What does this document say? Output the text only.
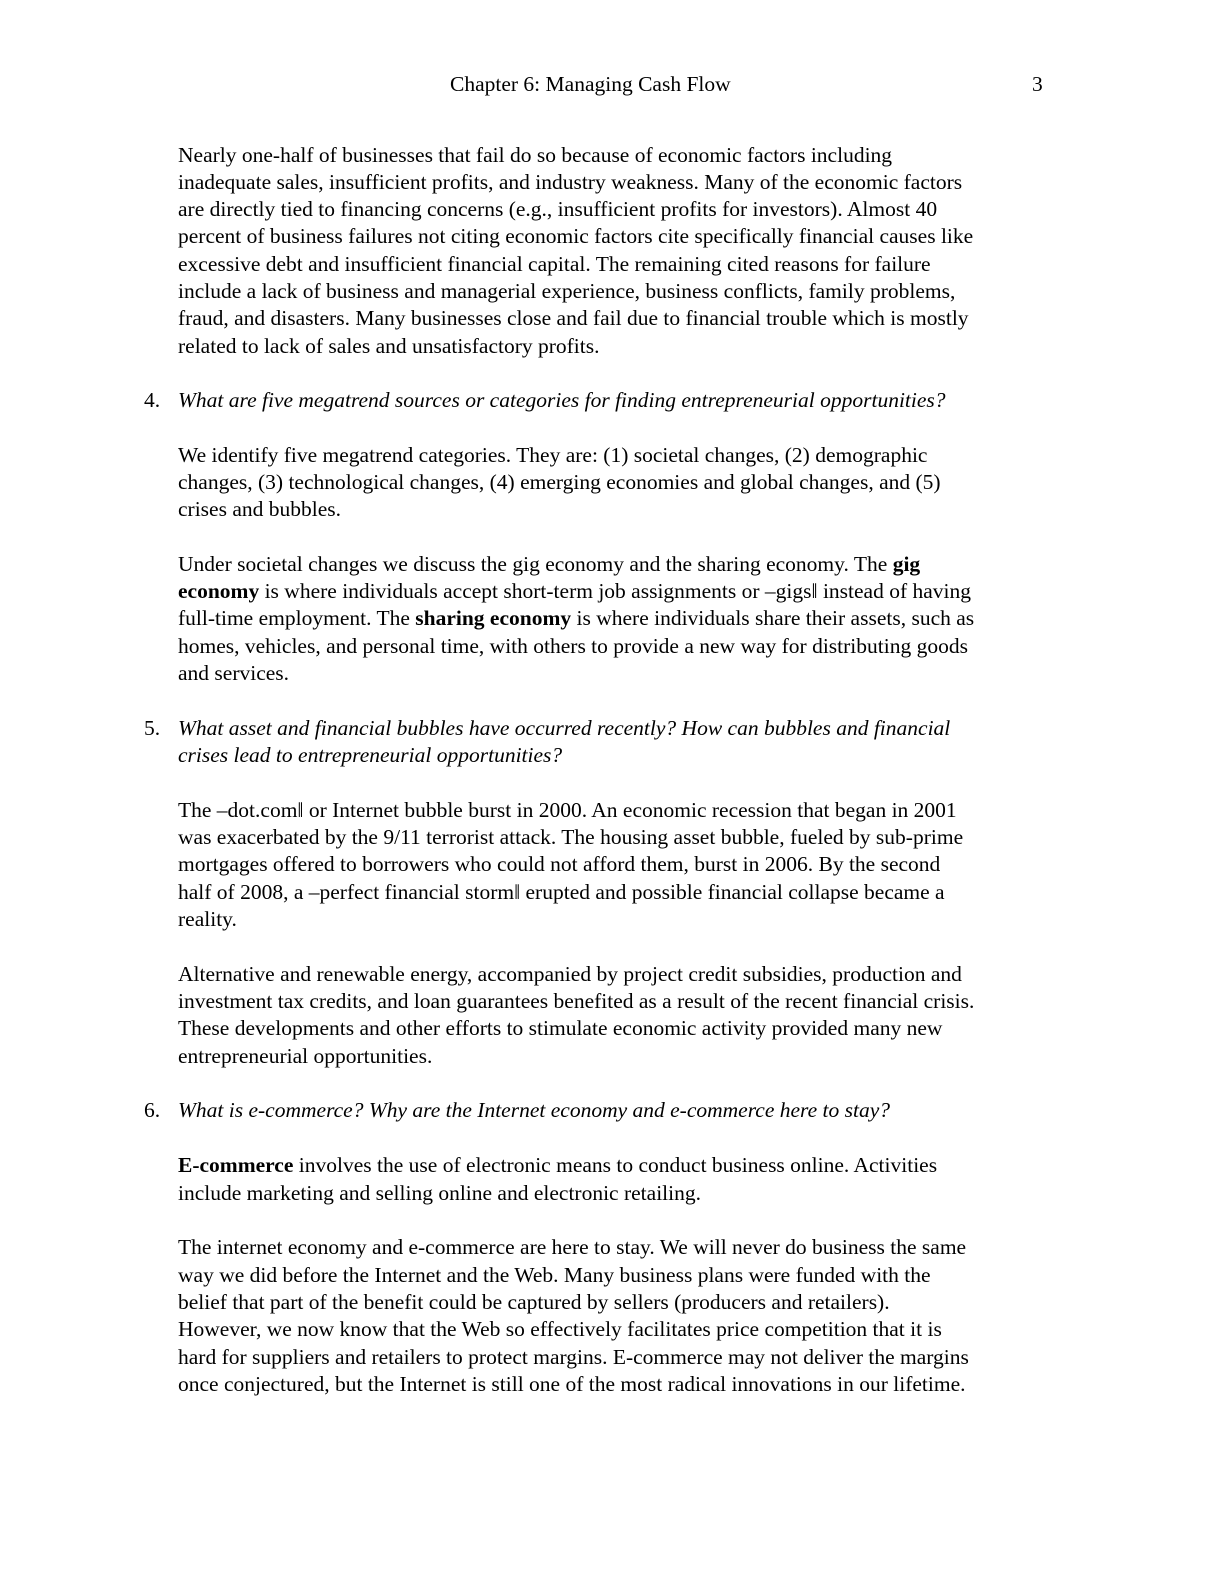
Chapter 6: Managing Cash Flow	3
Nearly one-half of businesses that fail do so because of economic factors including
inadequate sales, insufficient profits, and industry weakness. Many of the economic factors
are directly tied to financing concerns (e.g., insufficient profits for investors). Almost 40
percent of business failures not citing economic factors cite specifically financial causes like
excessive debt and insufficient financial capital. The remaining cited reasons for failure
include a lack of business and managerial experience, business conflicts, family problems,
fraud, and disasters. Many businesses close and fail due to financial trouble which is mostly
related to lack of sales and unsatisfactory profits.
4. What are five megatrend sources or categories for finding entrepreneurial opportunities?
We identify five megatrend categories. They are: (1) societal changes, (2) demographic
changes, (3) technological changes, (4) emerging economies and global changes, and (5)
crises and bubbles.
Under societal changes we discuss the gig economy and the sharing economy. The gig
economy is where individuals accept short-term job assignments or –gigs‖ instead of having
full-time employment. The sharing economy is where individuals share their assets, such as
homes, vehicles, and personal time, with others to provide a new way for distributing goods
and services.
5. What asset and financial bubbles have occurred recently? How can bubbles and financial
crises lead to entrepreneurial opportunities?
The –dot.com‖ or Internet bubble burst in 2000. An economic recession that began in 2001
was exacerbated by the 9/11 terrorist attack. The housing asset bubble, fueled by sub-prime
mortgages offered to borrowers who could not afford them, burst in 2006. By the second
half of 2008, a –perfect financial storm‖ erupted and possible financial collapse became a
reality.
Alternative and renewable energy, accompanied by project credit subsidies, production and
investment tax credits, and loan guarantees benefited as a result of the recent financial crisis.
These developments and other efforts to stimulate economic activity provided many new
entrepreneurial opportunities.
6. What is e-commerce? Why are the Internet economy and e-commerce here to stay?
E-commerce involves the use of electronic means to conduct business online. Activities
include marketing and selling online and electronic retailing.
The internet economy and e-commerce are here to stay. We will never do business the same
way we did before the Internet and the Web. Many business plans were funded with the
belief that part of the benefit could be captured by sellers (producers and retailers).
However, we now know that the Web so effectively facilitates price competition that it is
hard for suppliers and retailers to protect margins. E-commerce may not deliver the margins
once conjectured, but the Internet is still one of the most radical innovations in our lifetime.
